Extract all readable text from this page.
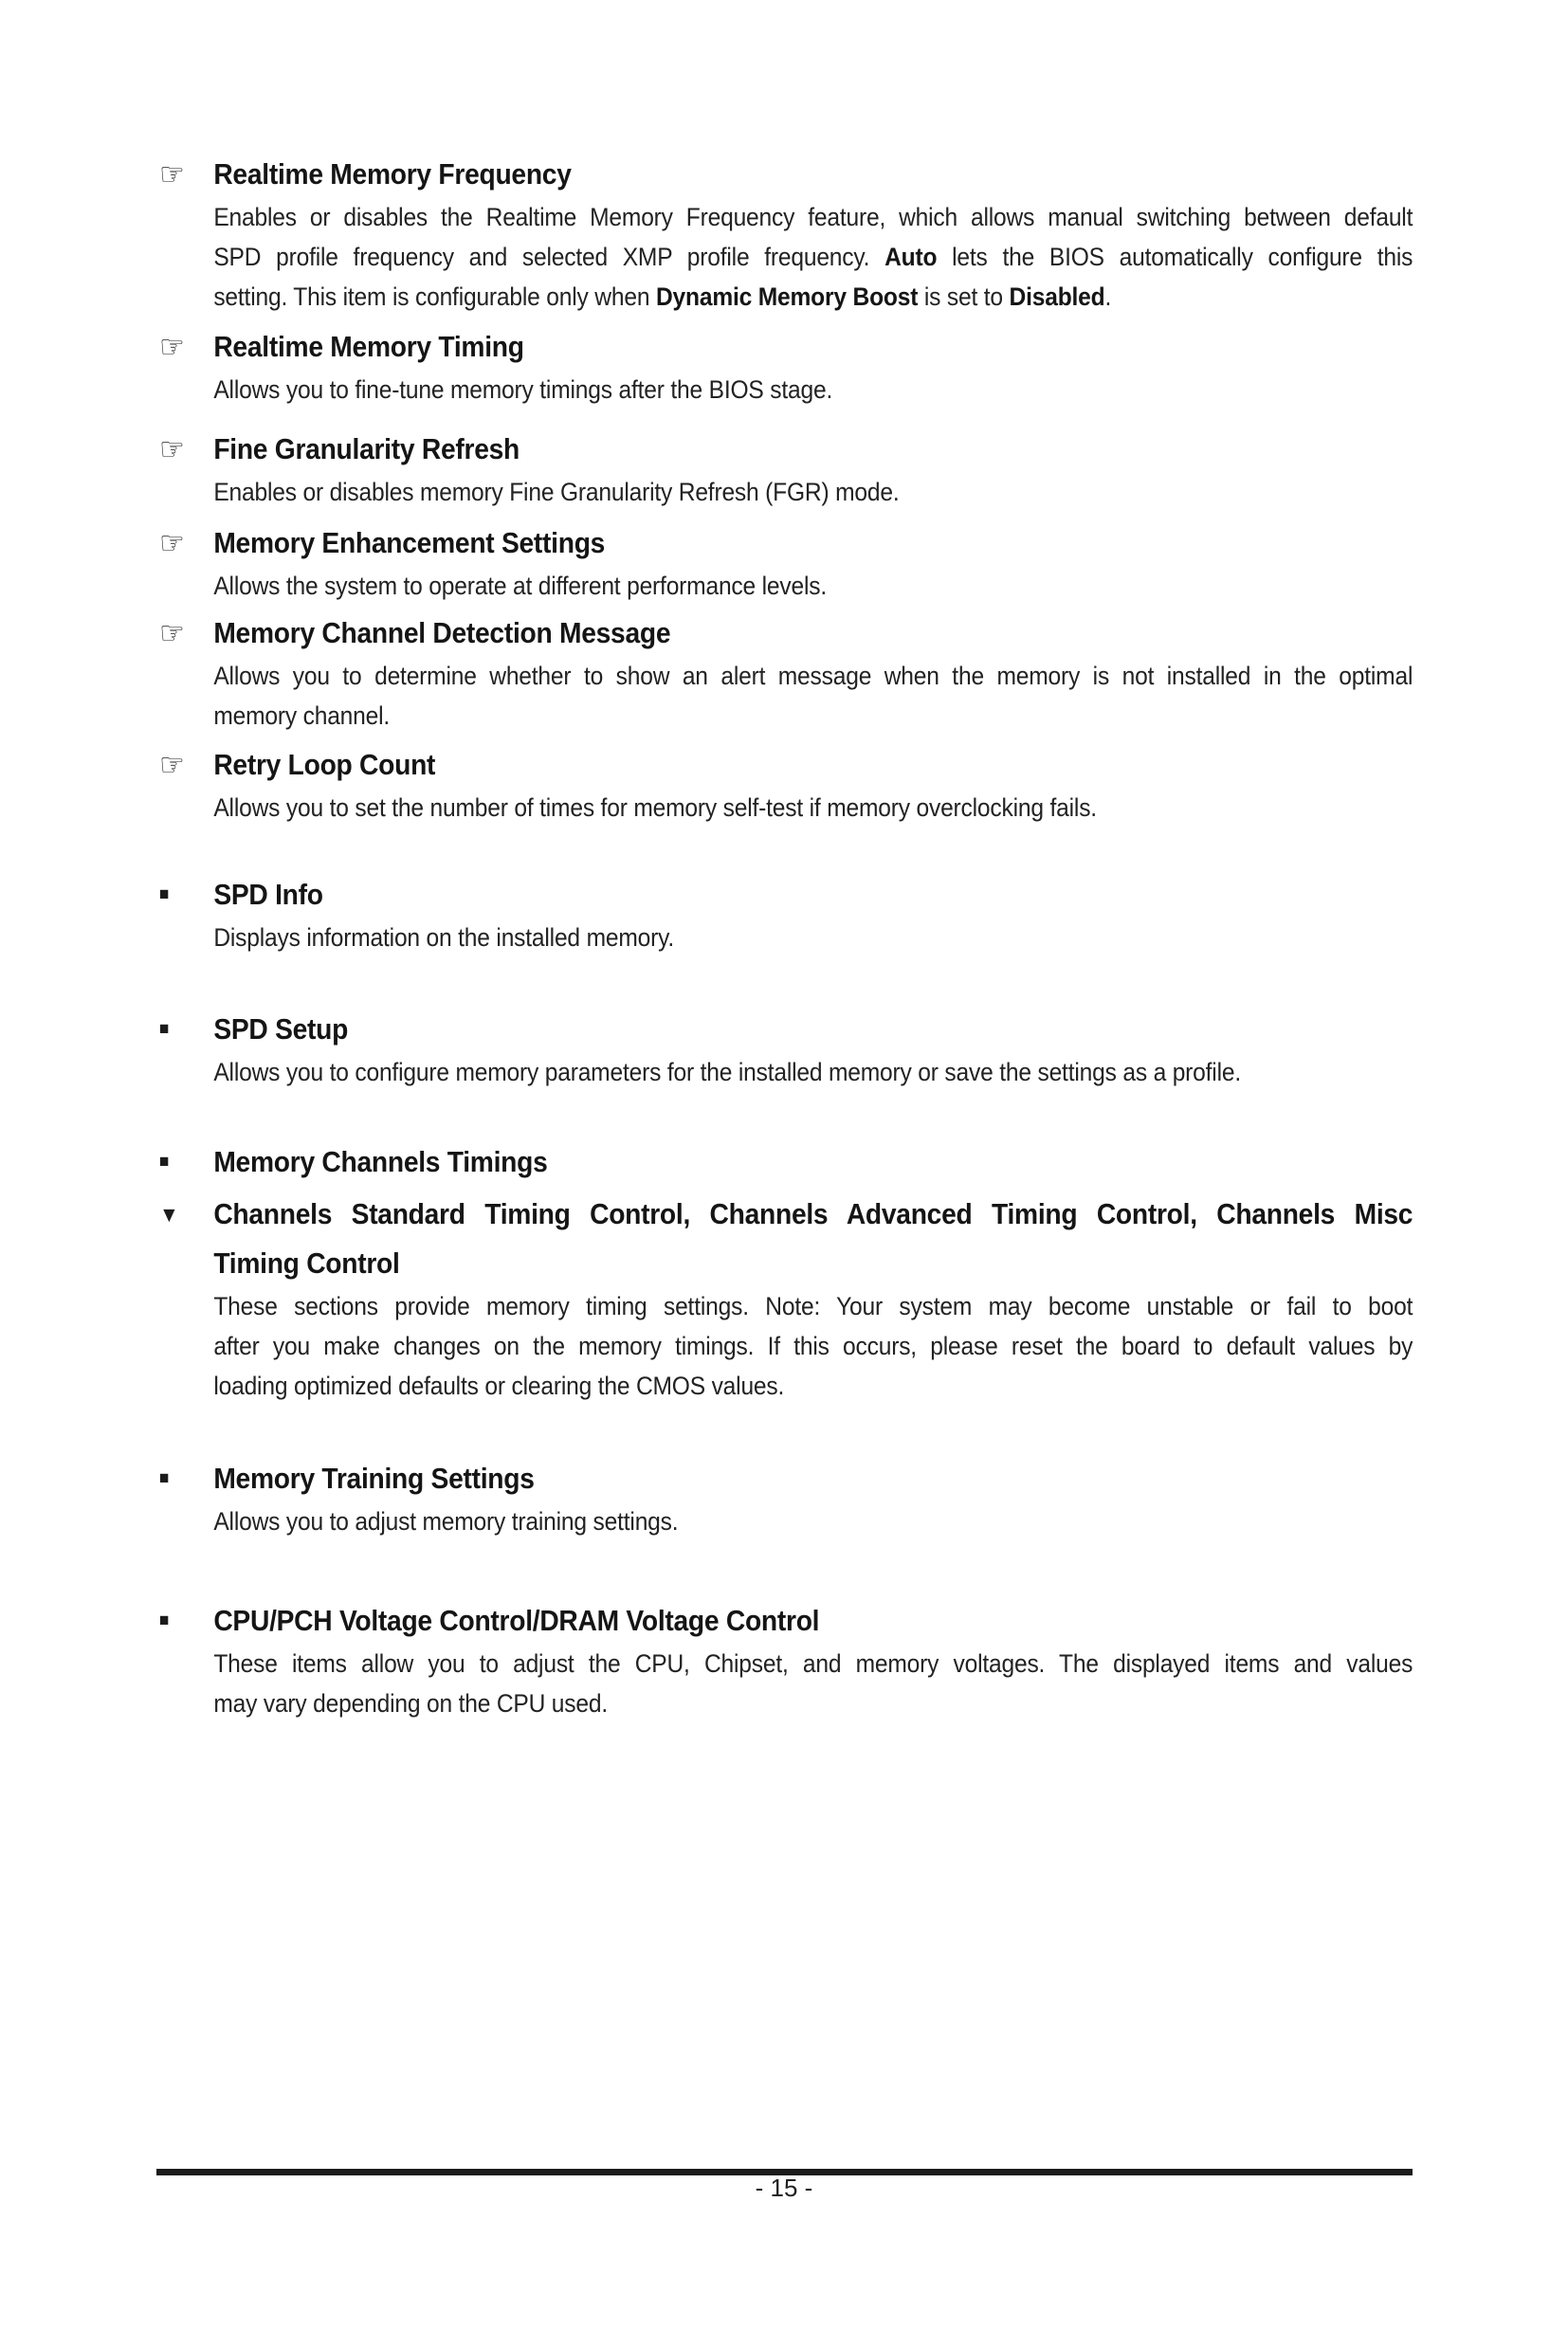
☞ Realtime Memory Frequency
Enables or disables the Realtime Memory Frequency feature, which allows manual switching between default
SPD profile frequency and selected XMP profile frequency. Auto lets the BIOS automatically configure this
setting. This item is configurable only when Dynamic Memory Boost is set to Disabled.
☞ Realtime Memory Timing
Allows you to fine-tune memory timings after the BIOS stage.
☞ Fine Granularity Refresh
Enables or disables memory Fine Granularity Refresh (FGR) mode.
☞ Memory Enhancement Settings
Allows the system to operate at different performance levels.
☞ Memory Channel Detection Message
Allows you to determine whether to show an alert message when the memory is not installed in the optimal
memory channel.
☞ Retry Loop Count
Allows you to set the number of times for memory self-test if memory overclocking fails.
■	SPD Info
Displays information on the installed memory.
■	SPD Setup
Allows you to configure memory parameters for the installed memory or save the settings as a profile.
■	Memory Channels Timings
▼	Channels Standard Timing Control, Channels Advanced Timing Control, Channels Misc
Timing Control
These sections provide memory timing settings. Note: Your system may become unstable or fail to boot
after you make changes on the memory timings. If this occurs, please reset the board to default values by
loading optimized defaults or clearing the CMOS values.
■	Memory Training Settings
Allows you to adjust memory training settings.
■	CPU/PCH Voltage Control/DRAM Voltage Control
These items allow you to adjust the CPU, Chipset, and memory voltages. The displayed items and values
may vary depending on the CPU used.
- 15 -
